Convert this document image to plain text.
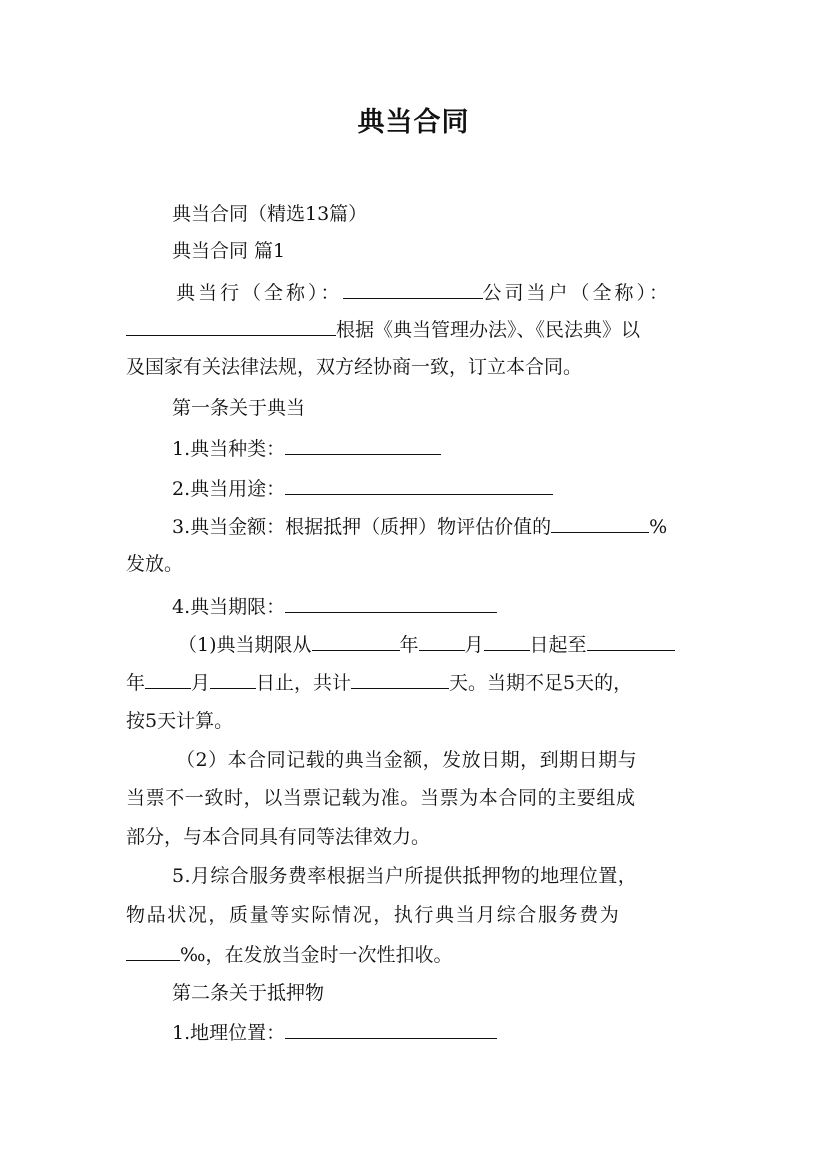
典当合同
典当合同（精选13篇）
典当合同 篇1
典当行（全称）：	公司当户（全称）：
根据《典当管理办法》、《民法典》以
及国家有关法律法规，双方经协商一致，订立本合同。
第一条关于典当
1.典当种类：
2.典当用途：
3.典当金额：根据抵押（质押）物评估价值的	%
发放。
4.典当期限：
（1)典当期限从	年 月 日起至
年 月 日止，共计	天。当期不足5天的，
按5天计算。
（2）本合同记载的典当金额，发放日期，到期日期与
当票不一致时，以当票记载为准。当票为本合同的主要组成
部分，与本合同具有同等法律效力。
5.月综合服务费率根据当户所提供抵押物的地理位置，
物品状况，质量等实际情况，执行典当月综合服务费为
‰，在发放当金时一次性扣收。
第二条关于抵押物
1.地理位置：
